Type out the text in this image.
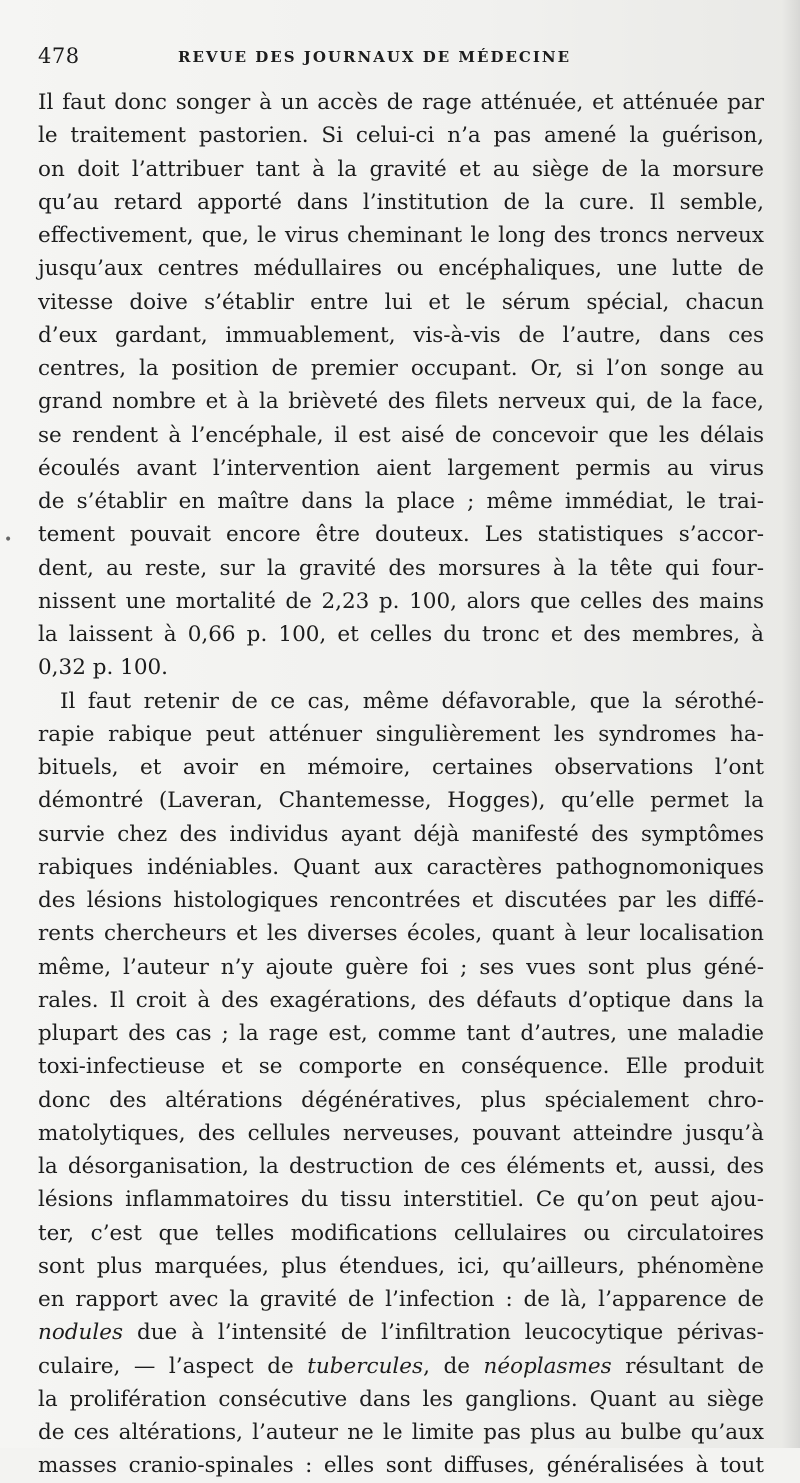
478	REVUE DES JOURNAUX DE MÉDECINE
•
Il faut donc songer à un accès de rage atténuée, et atténuée par
le traitement pastorien. Si celui-ci n’a pas amené la guérison,
on doit l’attribuer tant à la gravité et au siège de la morsure
qu’au retard apporté dans l’institution de la cure. Il semble,
effectivement, que, le virus cheminant le long des troncs nerveux
jusqu’aux centres médullaires ou encéphaliques, une lutte de
vitesse doive s’établir entre lui et le sérum spécial, chacun
d’eux gardant, immuablement, vis-à-vis de l’autre, dans ces
centres, la position de premier occupant. Or, si l’on songe au
grand nombre et à la brièveté des filets nerveux qui, de la face,
se rendent à l’encéphale, il est aisé de concevoir que les délais
écoulés avant l’intervention aient largement permis au virus
de s’établir en maître dans la place ; même immédiat, le trai-
tement pouvait encore être douteux. Les statistiques s’accor-
dent, au reste, sur la gravité des morsures à la tête qui four-
nissent une mortalité de 2,23 p. 100, alors que celles des mains
la laissent à 0,66 p. 100, et celles du tronc et des membres, à
0,32 p. 100.
Il faut retenir de ce cas, même défavorable, que la sérothé-
rapie rabique peut atténuer singulièrement les syndromes ha-
bituels, et avoir en mémoire, certaines observations l’ont
démontré (Laveran, Chantemesse, Hogges), qu’elle permet la
survie chez des individus ayant déjà manifesté des symptômes
rabiques indéniables. Quant aux caractères pathognomoniques
des lésions histologiques rencontrées et discutées par les diffé-
rents chercheurs et les diverses écoles, quant à leur localisation
même, l’auteur n’y ajoute guère foi ; ses vues sont plus géné-
rales. Il croit à des exagérations, des défauts d’optique dans la
plupart des cas ; la rage est, comme tant d’autres, une maladie
toxi-infectieuse et se comporte en conséquence. Elle produit
donc des altérations dégénératives, plus spécialement chro-
matolytiques, des cellules nerveuses, pouvant atteindre jusqu’à
la désorganisation, la destruction de ces éléments et, aussi, des
lésions inflammatoires du tissu interstitiel. Ce qu’on peut ajou-
ter, c’est que telles modifications cellulaires ou circulatoires
sont plus marquées, plus étendues, ici, qu’ailleurs, phénomène
en rapport avec la gravité de l’infection : de là, l’apparence de
nodules due à l’intensité de l’infiltration leucocytique périvas-
culaire, — l’aspect de tubercules, de néoplasmes résultant de
la prolifération consécutive dans les ganglions. Quant au siège
de ces altérations, l’auteur ne le limite pas plus au bulbe qu’aux
masses cranio-spinales : elles sont diffuses, généralisées à tout
